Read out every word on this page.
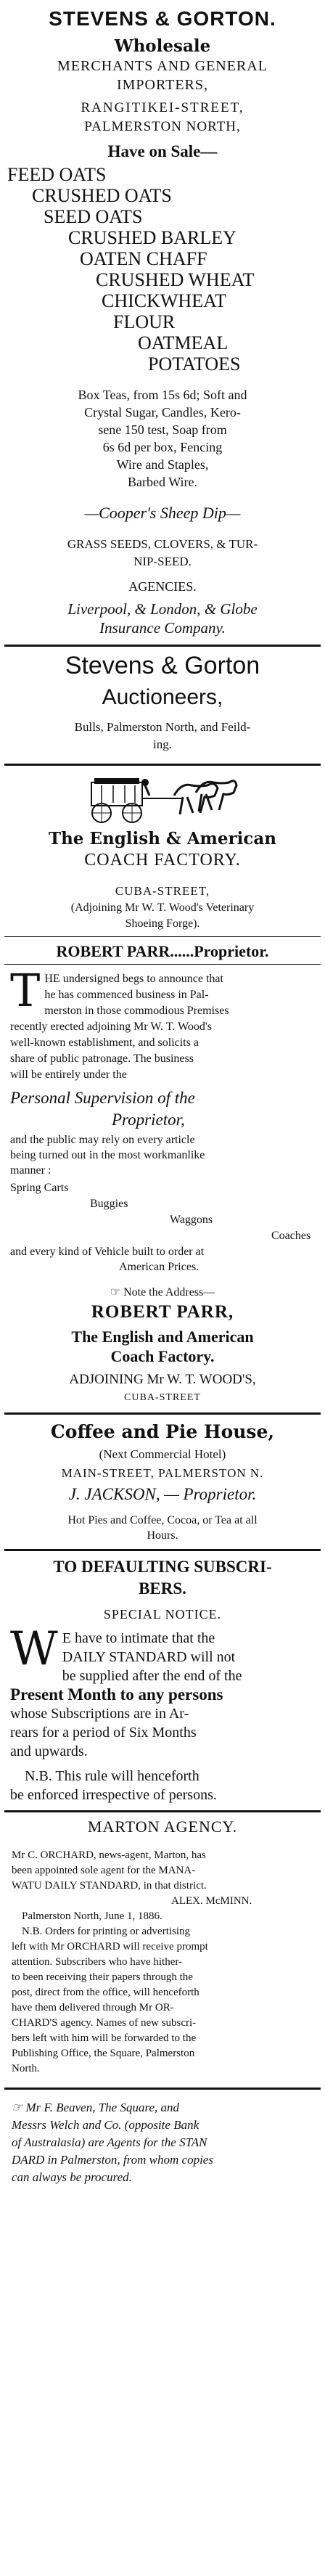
STEVENS & GORTON.
Wholesale
MERCHANTS AND GENERAL
IMPORTERS,
RANGITIKEI-STREET,
PALMERSTON NORTH,
Have on Sale—
FEED OATS
CRUSHED OATS
SEED OATS
CRUSHED BARLEY
OATEN CHAFF
CRUSHED WHEAT
CHICKWHEAT
FLOUR
OATMEAL
POTATOES
Box Teas, from 15s 6d; Soft and
Crystal Sugar, Candles, Kero-
sene 150 test, Soap from
6s 6d per box, Fencing
Wire and Staples,
Barbed Wire.
—Cooper's Sheep Dip—
GRASS SEEDS, CLOVERS, & TUR-
NIP-SEED.
AGENCIES.
Liverpool, & London, & Globe
Insurance Company.
Stevens & Gorton
Auctioneers,
Bulls, Palmerston North, and Feild-
ing.
The English & American
COACH FACTORY.
CUBA-STREET,
(Adjoining Mr W. T. Wood's Veterinary
Shoeing Forge).
ROBERT PARR......Proprietor.
T HE undersigned begs to announce that
he has commenced business in Pal-
merston in those commodious Premises
recently erected adjoining Mr W. T. Wood's
well-known establishment, and solicits a
share of public patronage. The business
will be entirely under the
Personal Supervision of the
Proprietor,
and the public may rely on every article
being turned out in the most workmanlike
manner :
Spring Carts
Buggies
Waggons
Coaches
and every kind of Vehicle built to order at
American Prices.
☞ Note the Address—
ROBERT PARR,
The English and American
Coach Factory.
ADJOINING Mr W. T. WOOD'S,
CUBA-STREET
Coffee and Pie House,
(Next Commercial Hotel)
MAIN-STREET, PALMERSTON N.
J. JACKSON, — Proprietor.
Hot Pies and Coffee, Cocoa, or Tea at all
Hours.
TO DEFAULTING SUBSCRI-
BERS.
SPECIAL NOTICE.
W E have to intimate that the
DAILY STANDARD will not
be supplied after the end of the
Present Month to any persons
whose Subscriptions are in Ar-
rears for a period of Six Months
and upwards.
N.B. This rule will henceforth
be enforced irrespective of persons.
MARTON AGENCY.
Mr C. ORCHARD, news-agent, Marton, has
been appointed sole agent for the MANA-
WATU DAILY STANDARD, in that district.
ALEX. McMINN.
Palmerston North, June 1, 1886.
N.B. Orders for printing or advertising
left with Mr ORCHARD will receive prompt
attention. Subscribers who have hither-
to been receiving their papers through the
post, direct from the office, will henceforth
have them delivered through Mr OR-
CHARD'S agency. Names of new subscri-
bers left with him will be forwarded to the
Publishing Office, the Square, Palmerston
North.
☞ Mr F. Beaven, The Square, and
Messrs Welch and Co. (opposite Bank
of Australasia) are Agents for the STAN
DARD in Palmerston, from whom copies
can always be procured.
